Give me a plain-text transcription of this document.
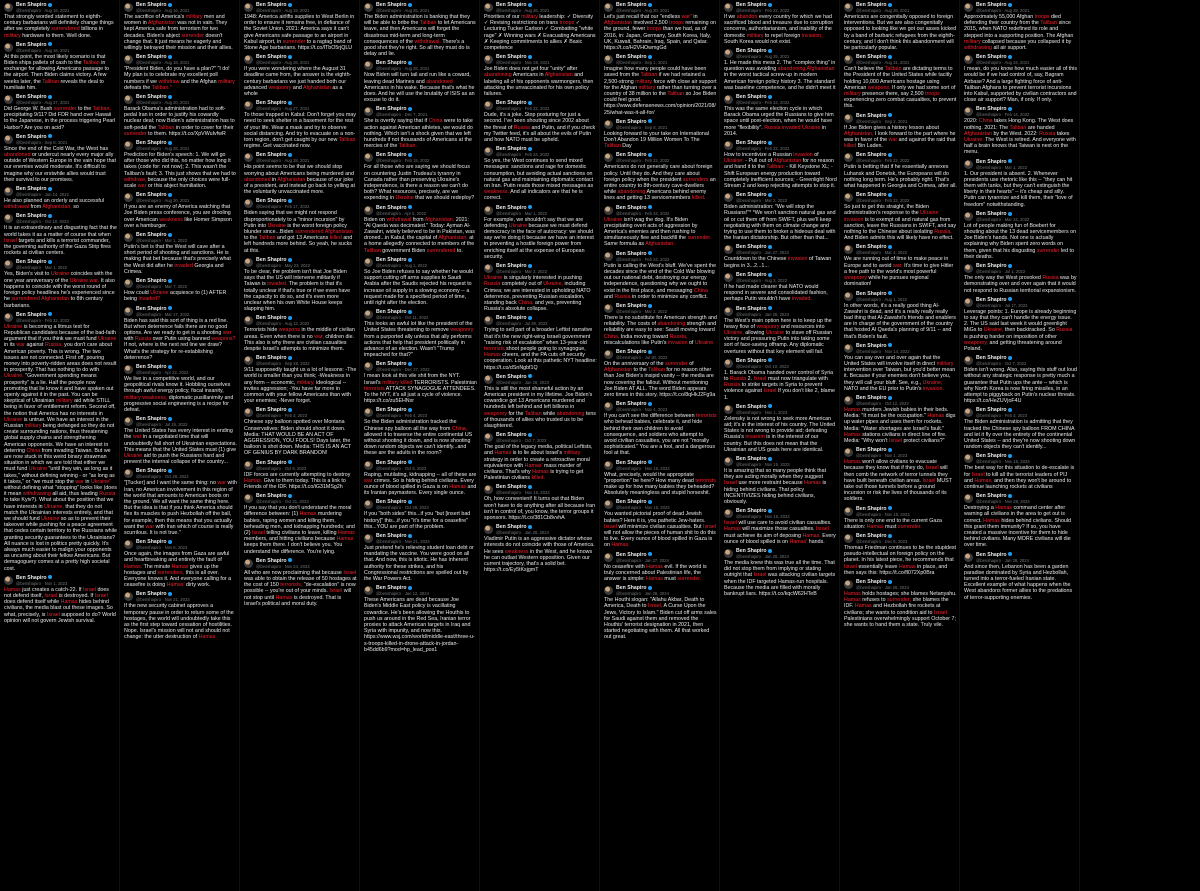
Ben Shapiro
@benshapiro · Aug 16, 2021
That strongly worded statement to eighth-century barbarians will definitely change things after we completely surrendered billions in military hardware to them. Well done.
Ben Shapiro
@benshapiro · Aug 16, 2021
At this point, the most likely scenario is that Biden ships pallets of cash to the Taliban in exchange for allowing Americans passage to the airport. Then Biden claims victory. A few weeks later, the Taliban reveals the deal to humiliate him.
Ben Shapiro
@benshapiro · Aug 27, 2021
Did George W. Bush surrender to the Taliban, precipitating 9/11? Did FDR hand over Hawaii to the Japanese, in the process triggering Pearl Harbor? Are you on acid?
Ben Shapiro
@benshapiro · Sep 8, 2021
Since the end of the Cold War, the West has abandoned or undercut nearly every major ally outside of Western Europe in the vain hope that our enemies would moderate. It's difficult to imagine why our erstwhile allies would trust their survival to our promises.
Ben Shapiro
@benshapiro · Jun 14, 2022
He also planned an orderly and successful withdrawal from Afghanistan, so
Ben Shapiro
@benshapiro · Oct 10, 2023
It is an extraordinary and disgusting fact that the world takes it as a matter of course that when Israel targets and kills a terrorist commander, the governing authority of the Gaza Strip fires rockets at civilian centers.
Ben Shapiro
@benshapiro · Mar 1, 2022
Yes, Biden's visit to Ukraine coincides with the one year anniversary of the Ukraine war. It also happens to coincide with the worst round of foreign policy headlines he's experienced since he surrendered Afghanistan to 8th century barbarians.
Ben Shapiro
@benshapiro · Feb 22, 2023
Ukraine is becoming a litmus test for Republican candidates because of the bad-faith argument that if you think we must fund Ukraine in its war against Russia, you don't care about American poverty. This is wrong. The two issues are not connected. First off, pouring money into poverty-ridden areas does not result in prosperity. That has nothing to do with Ukraine. "Government spending means prosperity" is a lie. Half the people now promoting that lie know it and have spoken out openly against it in the past. You can be skeptical of Ukrainian military aid while STILL being in favor of entitlement reform. Second off, the notion that America has no interests in Ukraine is untrue. We have an interest in the Russian military being defanged so they do not create surrounding nations, thus threatening global supply chains and strengthening American opponents. We have an interest in deterring China from invading Taiwan. But we are now stuck in this weird binary strawman situation in which we are told that either we must fund Ukraine "until they win, as long as it takes," without defining winning - or "as long as it takes," or "we must stop the war in Ukraine" without defining what "stopping" looks like (does it mean withdrawing all aid, thus leading Russia to take Kyiv?). What about the position that we have interests in Ukraine, that they do not match the Ukrainian interests entirely, and that we should fund Ukraine so as to prevent their takeover while pushing for a peace agreement that cedes certain territory to the Russians while granting security guarantees to the Ukrainians? All nuance is lost in politics pretty quickly. It's always much easier to malign your opponents as uncaring about their fellow Americans. But demagoguery comes at a pretty high societal cost.
Ben Shapiro
@benshapiro · Nov 1, 2023
Hamas just creates a catch-22. If Israel does not defend itself, Israel is destroyed. If Israel does defend itself while Hamas hides behind civilians, the media blast out these images. So what, precisely, is Israel supposed to do? World opinion will not govern Jewish survival.
Ben Shapiro
@benshapiro · Aug 16, 2021
The sacrifice of America's military men and women in Afghanistan was not in vain. They kept America safe from terrorism for two decades. Biden's abject surrender doesn't change that. It just means he eagerly and willingly betrayed their mission and their allies.
Ben Shapiro
@benshapiro · Aug 18, 2021
"President Biden, do you have a plan?" "I do! My plan is to celebrate my excellent poll numbers if we withdraw and the Afghan military defeats the Taliban."
Ben Shapiro
@benshapiro · Aug 20, 2021
Barack Obama's administration had to soft-pedal Iran in order to justify his cowardly nuclear deal; now Biden's administration has to soft-pedal the Taliban in order to cover for their surrender to them. https://t.co/XpVWuIvfwR
Ben Shapiro
@benshapiro · Aug 26, 2021
Prediction for Biden's speech: 1. We will go after those who did this, no matter how long it takes (code for: not now); 2. This wasn't the Taliban's fault; 3. This just shows that we had to withdraw, because the only choices were full-scale war or this abject humiliation.
Ben Shapiro
@benshapiro · Aug 30, 2021
If you are an enemy of America watching that Joe Biden press conference, you are drooling over American weakness like Homer Simpson over a hamburger.
Ben Shapiro
@benshapiro · Mar 1, 2022
Putin's bet is that the West will cave after a short period of shooting and sanctions. He is making that bet because that's precisely what the West did after he invaded Georgia and Crimea.
Ben Shapiro
@benshapiro · Mar 7, 2022
How could Ukraine acquiesce to (1) AFTER being invaded?
Ben Shapiro
@benshapiro · Mar 17, 2022
Biden has said this sort of thing is a red line. But when deterrence fails there are no good options. Are we ready to get in a shooting war with Russia over Putin using banned weapons? If not, where is the next red line we draw? What's the strategy for re-establishing deterrence?
Ben Shapiro
@benshapiro · Apr 22, 2022
We live in a competitive world, and our geopolitical rivals know it. Hobbling ourselves through awful energy policy, fiscal insanity, military weakness, diplomatic pusillanimity and progressive social engineering is a recipe for defeat.
Ben Shapiro
@benshapiro · Jul 19, 2022
The United States has every interest in ending the war in a negotiated time that will undoubtedly fall short of Ukrainian expectations. This means that the United States must (1) give Ukraine aid to push the Russians hard and prevent the internal collapse of the country...
Ben Shapiro
@benshapiro · Oct 28, 2022
"[Tucker] and I want the same thing: no war with Iran, no American involvement in this region of the world that amounts to American boots on the ground. We all want the same thing here. But the idea is that if you think America should flex its muscles to push Hezbollah off the ball, for example, then this means that you actually want the war with Iran which of course is really scurrilous. It is not true."
Ben Shapiro
@benshapiro · Nov 6, 2023
Once again, the images from Gaza are awful and heartbreaking and entirely the fault of Hamas. The minute Hamas gives up the hostages and surrenders, this is all over. Everyone knows it. And everyone calling for a ceasefire is doing Hamas' dirty work.
Ben Shapiro
@benshapiro · Nov 21, 2023
If the new security cabinet approves a temporary pause in order to return some of the hostages, the world will undoubtedly take this as the first step toward cessation of hostilities. Nope. Israel's mission will not and should not change: the utter destruction of Hamas.
Ben Shapiro
@benshapiro · Aug 19, 2021
1948: America airlifts supplies to West Berlin in order to ensure it remains free, in defiance of the Soviet Union. 2021: America says it can't give Americans safe passage to an airport in Kabul airport, in surrender to a ragtag band of Stone Age barbarians. https://t.co/lTbO5rjQLU
Ben Shapiro
@benshapiro · Aug 26, 2021
If you were wondering where the August 31 deadline came from, the answer is the eighth-century barbarians we just handed both our advanced weaponry and Afghanistan as a whole
Ben Shapiro
@benshapiro · Aug 27, 2021
To those trapped in Kabul: Don't forget you may need to seek shelter in a basement for the rest of your life. Wear a mask and try to observe social distancing. And try to evacuate on a non-torn region, don't get caught by our new Taliban regime. Get vaccinated now.
Ben Shapiro
@benshapiro · Aug 28, 2021
His point seems to be that we should stop worrying about Americans being murdered and abandoned in Afghanistan because of our joke of a president, and instead go back to yelling at the voluntarily unvaccinated more.
Ben Shapiro
@benshapiro · Feb 17, 2022
Biden saying that we might not respond disproportionately to a "minor incursion" by Putin into Ukraine is the worst foreign policy blunder since...Biden surrendered Afghanistan to the Taliban and got 13 Americans killed and left hundreds more behind. So yeah, he sucks at this.
Ben Shapiro
@benshapiro · May 23, 2022
To be clear, the problem isn't that Joe Biden says that the US will intervene militarily if Taiwan is invaded. The problem is that it's totally unclear if that's true or if we even have the capacity to do so, and it's even more unclear when his own White House keeps slapping him.
Ben Shapiro
@benshapiro · Aug 12, 2022
Terrorists hide weapons in the middle of civilian areas. Even when there is no war, children die. This also is why there are civilian casualties despite Israel's attempts to minimize them.
Ben Shapiro
@benshapiro · Sep 28, 2022
9/11 supposedly taught us a lot of lessons: -The world is smaller than you think; -Weakness in any form -- economic, military, ideological -- invites aggression; -You have far more in common with your fellow Americans than with your enemies; -Never forget.
Ben Shapiro
@benshapiro · Feb 3, 2023
Chinese spy balloon spotted over Montana Conservatives: Biden should shoot it down. Media: THAT WOULD BE AN ACT OF AGGRESSION, YOU FOOLS! Days later, the balloon is shot down. Media: THIS IS AN ACT OF GENIUS BY DARK BRANDON!
Ben Shapiro
@benshapiro · Oct 9, 2023
IDF forces are currently attempting to destroy Hamas. Give to them today. This is a link to Friends of the IDF. https://t.co/iG31MSg2h
Ben Shapiro
@benshapiro · Oct 31, 2023
If you say that you don't understand the moral difference between: (1) Hamas murdering babies, raping women and killing them, beheading men, and kidnapping hundreds; and (2) Israel telling civilians to leave, killing Hamas members, and hitting civilians because Hamas keeps them there. I don't believe you. You understand the difference. You're lying.
Ben Shapiro
@benshapiro · Nov 24, 2023
All who are now proclaiming that because Israel was able to obtain the release of 50 hostages at the cost of 150 terrorists, "de-escalation" is now possible -- you're out of your minds. Israel will not stop until Hamas is destroyed. That is Israel's political and moral duty.
Ben Shapiro
@benshapiro · Aug 25, 2021
The Biden administration is banking that they will be able to bribe the Taliban to let Americans leave, and then Americans will forget the disastrous mid-term and long-term consequences of the withdrawal. There's a good shot they're right. So all they must do is delay and lie.
Ben Shapiro
@benshapiro · Aug 26, 2021
Now Biden will turn tail and run like a coward, leaving dead Marines and abandoned Americans in his wake. Because that's what he does. And he will use the brutality of ISIS as an excuse to do it.
Ben Shapiro
@benshapiro · Dec 7, 2021
She is overtly saying that if China were to take action against American athletes, we would do nothing. Which isn't a shock given that we left hundreds if not thousands of Americans at the mercies of the Taliban.
Ben Shapiro
@benshapiro · Feb 15, 2022
For all those who are saying we should focus on countering Justin Trudeau's tyranny in Canada rather than preserving Ukraine's independence, is there a reason we can't do both? What resources, precisely, are we expending in Ukraine that we should redeploy?
Ben Shapiro
@benshapiro · Apr 5, 2022
Biden on withdrawal from Afghanistan, 2021: "Al Qaeda was decimated." Today: Ayman Al-Zawahri, widely believed to be in Pakistan, was droned...in Kabul, the capital of Afghanistan, at a home allegedly connected to members of the Taliban government Biden surrendered to.
Ben Shapiro
@benshapiro · Aug 1, 2022
So Joe Biden refuses to say whether he would support cutting off arms supplies to Saudi Arabia after the Saudis rejected his request to increase oil supply in a slowing economy -- a request made for a specified period of time, until right after the election.
Ben Shapiro
@benshapiro · Oct 11, 2022
This looks an awful lot like the president of the United States threatening to remove weaponry from a purported ally unless that ally performs actions that help that president politically in advance of an election. Wasn't "Trump impeached for that?"
Ben Shapiro
@benshapiro · Dec 27, 2022
I mean look at this vile shit from the NYT. Israel's military killed TERRORISTS. Palestinian terrorists ATTACK SYNAGOGUE ATTENDEES. To the NYT, it's all just a cycle of violence. https://t.co/zu5EHNxr
Ben Shapiro
@benshapiro · Feb 4, 2023
So the Biden administration tracked the Chinese spy balloon all the way from China, allowed it to traverse the entire continental US without shooting it down, and is now shooting down random objects we can't identify...and these are the adults in the room?
Ben Shapiro
@benshapiro · Oct 8, 2023
Raping, mutilating, kidnapping -- all of these are war crimes. So is hiding behind civilians. Every ounce of blood spilled in Gaza is on Hamas and its Iranian paymasters. Every single ounce.
Ben Shapiro
@benshapiro · Oct 28, 2023
If you "both sides" this...if you "but [insert bad history]" this...if you "it's time for a ceasefire" this...YOU are part of the problem.
Ben Shapiro
@benshapiro · Nov 21, 2023
Just pretend he's relieving student loan debt or mandating the vaccine. You were good on all that. And now, this is idiotic. He has inherent authority for these strikes, and his Congressional restrictions are spelled out by the War Powers Act.
Ben Shapiro
@benshapiro · Jan 12, 2024
These Americans are dead because Joe Biden's Middle East policy is vacillating cowardice. He's been allowing the Houthis to push us around in the Red Sea, Iranian terror proxies to attack American targets in Iraq and Syria with impunity, and now this. https://www.wsj.com/world/middle-east/three-u-s-troops-killed-in-drone-attack-in-jordan-b45dd6b9?mod=hp_lead_pos1
Ben Shapiro
@benshapiro · Aug 26, 2021
Priorities of our military leadership: ✓ Diversity ✓ Revising restrictions on trans troops ✓ Lecturing Tucker Carlson ✓ Combatting "white rage" ✗ Winning wars ✗ Evacuating Americans ✗ Keeping commitments to allies ✗ Basic competence
Ben Shapiro
@benshapiro · Nov 28, 2021
Joe Biden does not get four "unity" after abandoning Americans in Afghanistan and labeling all of his opponents warmongers, then attacking the unvaccinated for his own policy failures.
Ben Shapiro
@benshapiro · Feb 22, 2022
Dude, it's a joke. Stop posturing for just a second. I've been shouting since 2002 about the threat of Russia and Putin, and if you check my Twitter feed, it's all about the evils of Putin and how NATO must be upheld.
Ben Shapiro
@benshapiro · Feb 24, 2022
So yes, the West continues to send mixed messages: sanctions and rage for domestic consumption, but avoiding actual sanctions on natural gas and maintaining diplomatic contact on Iran. Putin reads those mixed messages as weakness. And all indicators are that he is correct.
Ben Shapiro
@benshapiro · Mar 1, 2022
For example, we shouldn't say that we are defending Ukraine because we must defend democracy in the face of autocracy: we should say we're doing it because we have an interest in preventing a hostile foreign power from enriching itself at the expense of European security.
Ben Shapiro
@benshapiro · Mar 2, 2022
Ukraine is singularly interested in pushing Russia completely out of Ukraine, including Crimea; we are interested in upholding NATO deterrence, preventing Russian escalation, standing back China, and yes, preventing Russia's absolute collapse.
Ben Shapiro
@benshapiro · Jul 28, 2022
Trying to sell part of a broader Leftist narrative that it's the new right-wing Israeli government "raising risk of escalation" when 13-year-old terrorists shoot people going to synagogue, Hamas cheers, and the PA cuts off security cooperation. Look at this pathetic NYT headline: https://t.co/dSnNgbf1Q
Ben Shapiro
@benshapiro · Jan 28, 2023
This is still the most shameful action by an American president in my lifetime. Joe Biden's cowardice got 13 Americans murdered and hundreds left behind and left billions in weaponry for the Taliban while abandoning tens of thousands of allies who trusted us to be slaughtered.
Ben Shapiro
@benshapiro · Oct 7, 2023
The goal of the legacy media, political Leftists, and Hamas is to lie about Israel's military strategy in order to create a retroactive moral equivalence with Hamas' mass murder of civilians. That's why Hamas is trying to get Palestinian civilians killed.
Ben Shapiro
@benshapiro · Nov 15, 2023
Oh, how convenient! It turns out that Biden won't have to do anything after all because Iran isn't in control of, you know, the terror groups it sponsors. https://t.co/381Cb8vvhA
Ben Shapiro
@benshapiro · Jan 28, 2024
Vladimir Putin is an aggressive dictator whose interests do not coincide with those of America. He sees weakness in the West, and he knows he can outlast Western opposition. Given our current trajectory, that's a solid bet. https://t.co/Ey5tKsjgmT
Ben Shapiro
@benshapiro · Aug 30, 2021
Let's just recall that our "endless war" in Afghanistan involved 2,500 troops remaining on the ground, fewer troops than we had, as of 2016, in: Japan, Germany, South Korea, Italy, UK, Kuwait, Bahrain, Iraq, Spain, and Qatar. https://t.co/H2VHOwmgGd
Ben Shapiro
@benshapiro · Sep 1, 2021
Imagine how many people could have been saved from the Taliban if we had retained a 2,500-strong military force with close air support for the Afghan military rather than turning over a country of 38 million to the Taliban so Joe Biden could feel good. https://www.defensenews.com/opinion/2021/08/25/what-was-it-all-for/
Ben Shapiro
@benshapiro · Sep 8, 2021
Looking forward to your take on International Don't Abandon 19 Million Women To The Taliban Day
Ben Shapiro
@benshapiro · Feb 22, 2022
Americans do not generally care about foreign policy. Until they do. And they care about foreign policy when the president surrenders an entire country to 8th-century cave-dwellers while abandoning Americans behind enemy lines and getting 13 servicemembers killed.
Ben Shapiro
@benshapiro · Feb 24, 2022
Ukraine isn't wag the dog. It's Biden precipitating overt acts of aggression by America's enemies and then rushing to simultaneously flee and backfill the surrender. Same formula as Afghanistan.
Ben Shapiro
@benshapiro · Feb 24, 2022
Putin is calling the West's bluff. We've spent the decades since the end of the Cold War blowing out our national debt, destroying our energy independence, questioning why we ought to exist in the first place, and messaging China and Russia in order to minimize any conflict.
Ben Shapiro
@benshapiro · Mar 2, 2022
There is no substitute for American strength and reliability. The costs of abandoning strength and reliability are easy to see: Saudi moving toward China, India moving toward Russia, miscalculations like Putin's invasion of Ukraine.
Ben Shapiro
@benshapiro · Jul 30, 2022
On the anniversary of the surrender of Afghanistan to the Taliban for no reason other than Joe Biden's insipid vanity -- the media are now covering the fallout. Without mentioning Joe Biden AT ALL. The word Biden appears zero times in this story. https://t.co/8qHkJ2Fg9a
Ben Shapiro
@benshapiro · Nov 4, 2023
If you can't see the difference between terrorists who behead babies, celebrate it, and hide behind their own children to avoid consequence, and soldiers who attempt to avoid civilian casualties, you are not "morally sophisticated." You are a fool, and a dangerous fool at that.
Ben Shapiro
@benshapiro · Nov 15, 2023
What, precisely, would the appropriate "proportion" be here? How many dead terrorists make up for how many babies they beheaded? Absolutely meaningless and stupid horseshit.
Ben Shapiro
@benshapiro · Nov 15, 2023
You wanted pictorial proof of dead Jewish babies? Here it is, you pathetic Jew-haters. Israel will minimize civilian casualties. But Israel will not allow the pieces of human shit to do this to live. Every ounce of blood spilled in Gaza is on Hamas.
Ben Shapiro
@benshapiro · Jan 27, 2024
No ceasefire with Hamas evil. If the world is truly concerned about Palestinian life, the answer is simple: Hamas must surrender.
Ben Shapiro
@benshapiro · Jan 28, 2024
The Houthi slogan: "Allahu Akbar, Death to America, Death to Israel, A Curse Upon the Jews, Victory to Islam." Biden cut off arms sales for Saudi against them and removed the Houthis' terrorist designation in 2021, then started negotiating with them. All that worked out great.
Ben Shapiro
@benshapiro · Feb 22, 2022
If we abandon every country for which we had sacrificed blood and treasure due to corruption concerns, authoritarianism, and inability of the domestic military to repel foreign invasion, South Korea would not exist.
Ben Shapiro
@benshapiro · Aug 25, 2021
1. He made this mess 2. The "complex thing" in question was avoiding abandoning Afghanistan in the worst tactical screw-up in modern American foreign policy history 3. The standard was baseline competence, and he didn't meet it
Ben Shapiro
@benshapiro · Feb 22, 2022
This was the same election cycle in which Barack Obama urged the Russians to give him space until post-election, when he would have more "flexibility". Russia invaded Ukraine in 2014.
Ben Shapiro
@benshapiro · Feb 22, 2022
How to incentivize a Russian invasion of Ukraine: - Pull out of Afghanistan for no reason and hand it to the Taliban; - Kill Keystone XL; - Shift European energy production toward completely inefficient sources; - Greenlight Nord Stream 2 and keep rejecting attempts to stop it.
Ben Shapiro
@benshapiro · Mar 2, 2022
Biden administration: "We will stop the Russians!"* *We won't sanction natural gas and oil or cut them off from SWIFT, plus we'll keep negotiating with them on climate change and trying to use them to broker a hideous deal with the Iranian dictatorship. But other than that...
Ben Shapiro
@benshapiro · Jun 27, 2022
Countdown to the Chinese invasion of Taiwan begins in 3...2...1...
Ben Shapiro
@benshapiro · Aug 3, 2022
If he had made clearer that NATO would respond in severe and consolidated fashion, perhaps Putin wouldn't have invaded.
Ben Shapiro
@benshapiro · Jan 26, 2023
The West's main option here is to keep up the heavy flow of weaponry and resources into Ukraine, allowing Ukraine to stave off Russian victory and pressuring Putin into taking some sort of face-saving offramp. Any diplomatic overtures without that key element will fail.
Ben Shapiro
@benshapiro · Oct 10, 2023
1. Barack Obama handed over control of Syria to Russia 2. Israel must now triangulate with Russia to strike targets in Syria to prevent violence against Israel If you don't like 2, blame 1.
Ben Shapiro
@benshapiro · Nov 1, 2023
Zelensky is not wrong to seek more American aid; it's in the interest of his country. The United States is not wrong to provide aid; defeating Russia's invasion is in the interest of our country. But this does not mean that the Ukrainian and US goals here are identical.
Ben Shapiro
@benshapiro · Nov 15, 2023
It is amazing that so many people think that they are acting morally when they suggest Israel use more restraint because Hamas is hiding behind civilians. That policy INCENTIVIZES hiding behind civilians, obviously.
Ben Shapiro
@benshapiro · Nov 15, 2023
Israel will use care to avoid civilian casualties. Hamas will maximize those casualties. Israel must achieve its aim of deposing Hamas. Every ounce of blood spilled is on Hamas' hands.
Ben Shapiro
@benshapiro · Jan 28, 2024
The media knew this was true all the time. That did not stop them from implying or stating outright that Israel was attacking civilian targets when the IDF targeted Hamas-run hospitals. Because the media are filled with morally bankrupt liars. https://t.co/kqcW62HTeB
Ben Shapiro
@benshapiro · Aug 26, 2021
Americans are congenitally opposed to foreign interventions. But we are also congenitally opposed to looking like we got our asses kicked by a band of barbaric refugees from the eighth-century, and I don't think this abandonment will be particularly popular.
Ben Shapiro
@benshapiro · Aug 31, 2021
Can't believe the Taliban are dictating terms to the President of the United States while tacitly holding 10,000 Americans hostage using American weapons. If only we had some sort of military presence there, say 2,500 troops experiencing zero combat casualties, to prevent this.
Ben Shapiro
@benshapiro · Sep 2, 2021
If Joe Biden gives a history lesson about Afghanistan, I look forward to the part where he was in favor of the war and against the raid that killed Bin Laden.
Ben Shapiro
@benshapiro · Feb 22, 2022
Putin is betting that if he essentially annexes Luhansk and Donetsk, the Europeans will do nothing long term. He's probably right. That's what happened in Georgia and Crimea, after all.
Ben Shapiro
@benshapiro · Feb 22, 2022
So just to get this straight, the Biden administration's response to the Ukraine invasion is to exempt oil and natural gas from sanction, leave the Russians in SWIFT, and say nothing to the Chinese about isolating Russia. And Biden admits this will likely have no effect.
Ben Shapiro
@benshapiro · Mar 4, 2022
We are running out of time to make peace in Europe and to avoid war. It's time to give Hitler a free path to the world's most powerful weaponry while he pursues regional domination!
Ben Shapiro
@benshapiro · Aug 1, 2022
In other words, it's a really good thing Al-Zawahri is dead, and it's a really really really bad thing that Al-Zawahri's friends and enablers are in charge of the government of the country that hosted Al Qaeda's planning of 9/11 -- and that's Biden's fault.
Ben Shapiro
@benshapiro · Nov 14, 2022
You can say over and over again that the United States will involve itself in direct military intervention over Taiwan, but you'd better mean it. Because if your enemies don't believe you, they will call your bluff. See, e.g., Ukraine, NATO and the EU prior to Putin's invasion.
Ben Shapiro
@benshapiro · Oct 12, 2023
Hamas murders Jewish babies in their beds. Media: "It must be the occupation." Hamas digs up water pipes and uses them for rockets. Media: "Water shortages are Israel's fault." Hamas stations civilians in direct line of fire. Media: "Why won't Israel protect civilians?"
Ben Shapiro
@benshapiro · Nov 1, 2023
Hamas won't allow civilians to evacuate because they know that if they do, Israel will then comb the network of terror tunnels they have built beneath civilian areas. Israel MUST take out those tunnels before a ground incursion or risk the lives of thousands of its soldiers.
Ben Shapiro
@benshapiro · Nov 15, 2023
There is only one end to the current Gaza situation: Hamas must surrender.
Ben Shapiro
@benshapiro · Dec 5, 2023
Thomas Friedman continues to be the stupidest pseudo-intellectual on foreign policy on the planet. In his latest piece, he recommends that Israel essentially leave Hamas in place, and then says this: https://t.co/fl072Xp0Bra
Ben Shapiro
@benshapiro · Jan 26, 2024
Hamas holds hostages; she blames Netanyahu. Hamas refuses to surrender; she blames the IDF. Hamas and Hezbollah fire rockets at civilians; she wants to condition aid to Israel. Palestinians overwhelmingly support October 7; she wants to hand them a state. Truly vile.
Ben Shapiro
@benshapiro · Aug 28, 2021
Approximately 55,000 Afghan troops died defending their country from the Taliban since 2015, when NATO redefined its role and stepped into a supporting position. The Afghan military collapsed because you collapsed it by withdrawing all air support.
Ben Shapiro
@benshapiro · Aug 24, 2021
I mean, do you know how much easier all of this would be if we had control of, say, Bagram Airbase? And a large fighting force of anti-Taliban Afghans to prevent terrorist incursions into Kabul, supported by civilian contractors and close air support? Man, if only. If only.
Ben Shapiro
@benshapiro · Feb 14, 2022
2020: China takes Hong Kong. The West does nothing. 2021: The Taliban are handed Afghanistan by the West. 2022: Russia takes Ukraine. The West is retired. And everyone with half a brain knows that Taiwan is next on the menu.
Ben Shapiro
@benshapiro · Mar 1, 2022
1. Our president is absent. 2. Whenever presidents use rhetoric like this -- "they can hit them with tanks, but they can't extinguish the liberty in their hearts" -- it's cheap and silly. Putin can tyrannize and kill them, their "love of freedom" notwithstanding.
Ben Shapiro
@benshapiro · Mar 24, 2022
Lot of people making fun of Boebert for shouting about the 13 dead servicemembers on Joe Biden's hands. Not one is actually explaining why Biden spent zero words on them, given that his disgusting surrender led to their deaths.
Ben Shapiro
@benshapiro · Jul 1, 2022
The only way the West provoked Russia was by demonstrating over and over again that it would not respond to Russian territorial expansionism.
Ben Shapiro
@benshapiro · Jul 17, 2022
Leverage points: 1. Europe is already beginning to say that they can't handle the energy issue. 2. The US said last week it would greenlight MiGs to Ukraine, then backtracked. So Russia is pushing harder on imposition of other weaponry, and getting threatening around Poland.
Ben Shapiro
@benshapiro · Oct 7, 2022
Biden isn't wrong. Also, saying this stuff out loud without any strategic response is pretty much a guarantee that Putin ups the ante -- which is why North Korea is now firing missiles, in an attempt to piggyback on Putin's nuclear threats. https://t.co/HeZUVjoF4U
Ben Shapiro
@benshapiro · Feb 3, 2023
The Biden administration is admitting that they tracked the Chinese spy balloon FROM CHINA and let it fly over the entirety of the continental United States -- and they're now shooting down random objects they can't identify...
Ben Shapiro
@benshapiro · Nov 15, 2023
The best way for this situation to de-escalate is for Israel to kill all the terrorist leaders of PIJ and Hamas, and then they won't be around to continue launching rockets at civilians
Ben Shapiro
@benshapiro · Nov 28, 2023
Destroying a Hamas command center after warning all civilians in the area to get out is correct. Hamas hides behind civilians. Should this grant them immunity? If so, you have created a massive incentive for them to hide behind civilians. Many MORE civilians will die over time.
Ben Shapiro
@benshapiro · Jan 28, 2024
And since then, Lebanon has been a garden paradise dominated by Syria and Hezbollah, turned into a terror-fueled Iranian state. Excellent example of what happens when the West abandons former allies to the predations of terror-supporting enemies.
